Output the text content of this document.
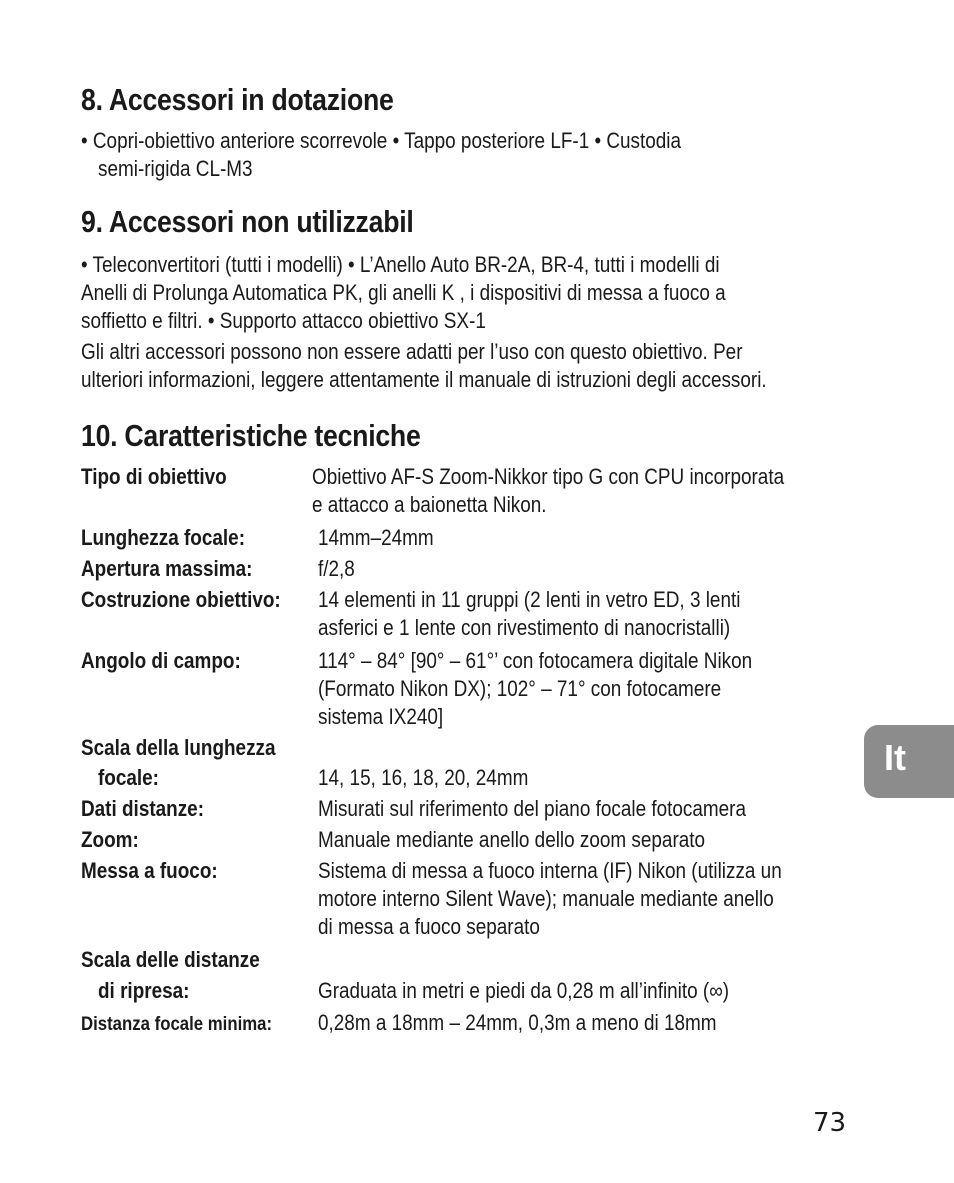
8. Accessori in dotazione
• Copri-obiettivo anteriore scorrevole • Tappo posteriore LF-1 • Custodia
semi-rigida CL-M3
9. Accessori non utilizzabil
• Teleconvertitori (tutti i modelli) • L’Anello Auto BR-2A, BR-4, tutti i modelli di
Anelli di Prolunga Automatica PK, gli anelli K , i dispositivi di messa a fuoco a
soffietto e filtri. • Supporto attacco obiettivo SX-1
Gli altri accessori possono non essere adatti per l’uso con questo obiettivo. Per
ulteriori informazioni, leggere attentamente il manuale di istruzioni degli accessori.
10. Caratteristiche tecniche
Tipo di obiettivo	Obiettivo AF-S Zoom-Nikkor tipo G con CPU incorporata
e attacco a baionetta Nikon.
Lunghezza focale:	14mm–24mm
Apertura massima:	f/2,8
Costruzione obiettivo: 14 elementi in 11 gruppi (2 lenti in vetro ED, 3 lenti
asferici e 1 lente con rivestimento di nanocristalli)
Angolo di campo:	114° – 84° [90° – 61°’ con fotocamera digitale Nikon
(Formato Nikon DX); 102° – 71° con fotocamere
sistema IX240]
Scala della lunghezza
focale:	14, 15, 16, 18, 20, 24mm
Dati distanze:	Misurati sul riferimento del piano focale fotocamera
Zoom:	Manuale mediante anello dello zoom separato
Messa a fuoco:	Sistema di messa a fuoco interna (IF) Nikon (utilizza un
motore interno Silent Wave); manuale mediante anello
di messa a fuoco separato
Scala delle distanze
di ripresa:	Graduata in metri e piedi da 0,28 m all’infinito (∞)
Distanza focale minima: 0,28m a 18mm – 24mm, 0,3m a meno di 18mm
It
73
